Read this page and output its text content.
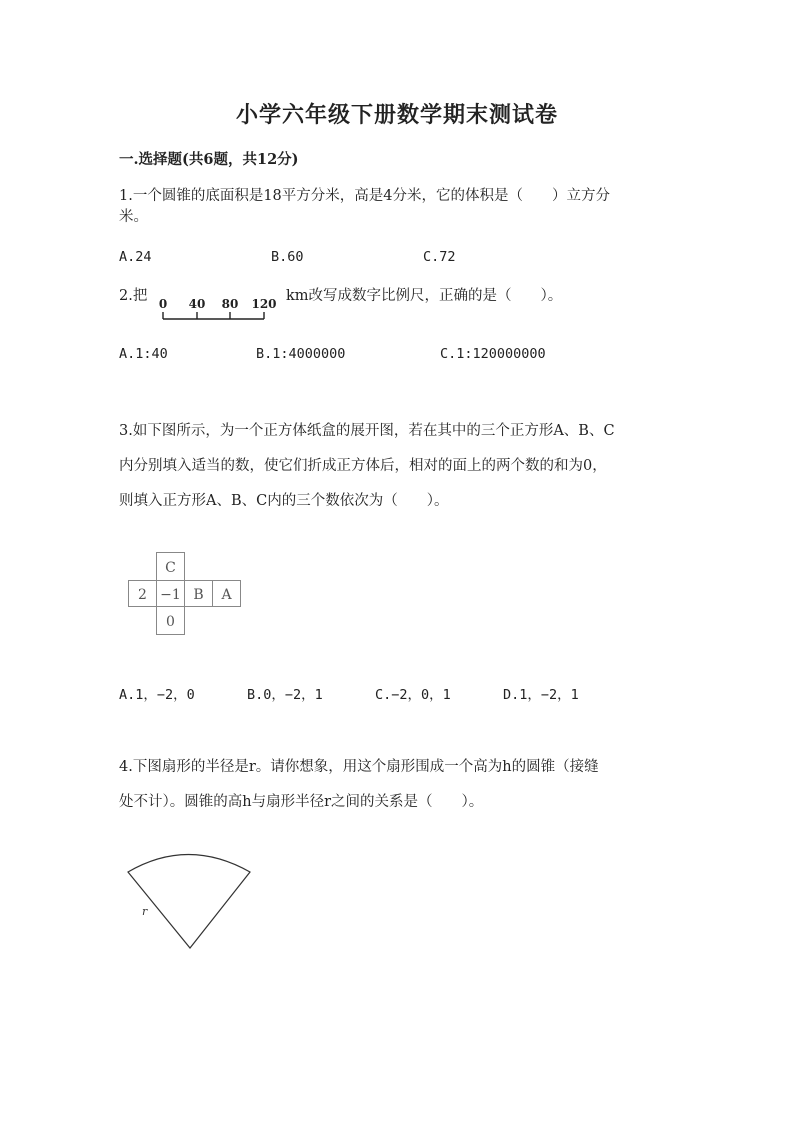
小学六年级下册数学期末测试卷
一.选择题(共6题，共12分)
1.一个圆锥的底面积是18平方分米，高是4分米，它的体积是（　　）立方分
米。
A.24	B.60	C.72
2.把 0 40 80 120 km改写成数字比例尺，正确的是（　　）。
A.1:40	B.1:4000000	C.1:120000000
3.如下图所示，为一个正方体纸盒的展开图，若在其中的三个正方形A、B、C
内分别填入适当的数，使它们折成正方体后，相对的面上的两个数的和为0，
则填入正方形A、B、C内的三个数依次为（　　）。
C
2 −1 B A
0
A.1，−2，0	B.0，−2，1	C.−2，0，1	D.1，−2，1
4.下图扇形的半径是r。请你想象，用这个扇形围成一个高为h的圆锥（接缝
处不计）。圆锥的高h与扇形半径r之间的关系是（　　）。
r
